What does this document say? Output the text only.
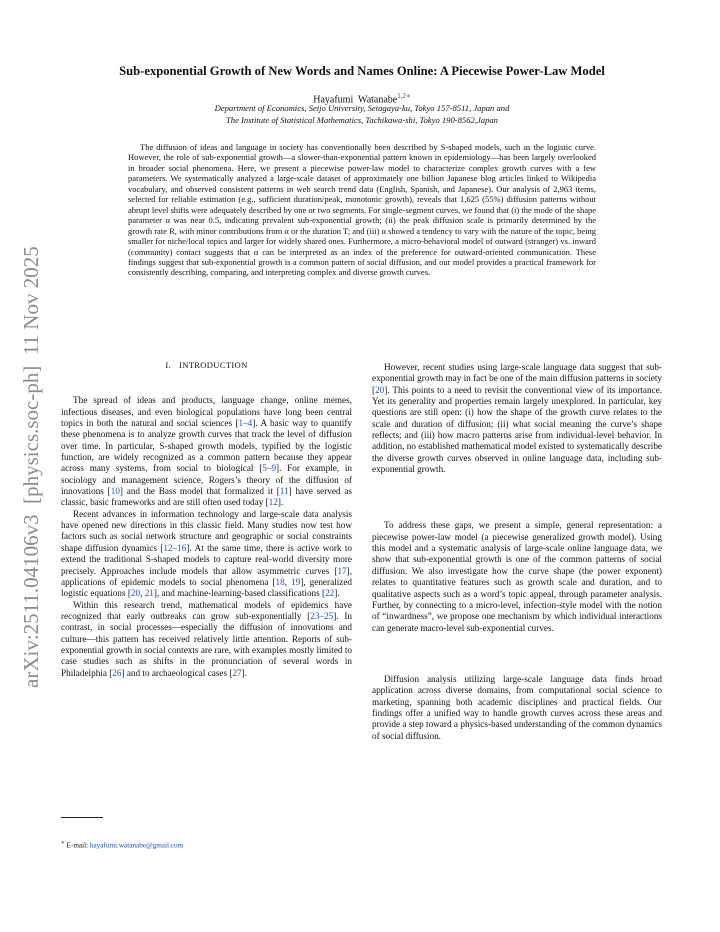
arXiv:2511.04106v3  [physics.soc-ph]  11 Nov 2025
Sub-exponential Growth of New Words and Names Online: A Piecewise Power-Law Model
Hayafumi  Watanabe$^{1,2∗}$
Department of Economics, Seijo University, Setagaya-ku, Tokyo 157-8511, Japan and
The Institute of Statistical Mathematics, Tachikawa-shi, Tokyo 190-8562,Japan

The diffusion of ideas and language in society has conventionally been described by S-shaped models, such as the logistic curve. However, the role of sub-exponential growth—a slower-than-exponential pattern known in epidemiology—has been largely overlooked in broader social phenomena. Here, we present a piecewise power-law model to characterize complex growth curves with a few parameters. We systematically analyzed a large-scale dataset of approximately one billion Japanese blog articles linked to Wikipedia vocabulary, and observed consistent patterns in web search trend data (English, Spanish, and Japanese). Our analysis of 2,963 items, selected for reliable estimation (e.g., sufficient duration/peak, monotonic growth), reveals that 1,625 (55%) diffusion patterns without abrupt level shifts were adequately described by one or two segments. For single-segment curves, we found that (i) the mode of the shape parameter α was near 0.5, indicating prevalent sub-exponential growth; (ii) the peak diffusion scale is primarily determined by the growth rate R, with minor contributions from α or the duration T; and (iii) α showed a tendency to vary with the nature of the topic, being smaller for niche/local topics and larger for widely shared ones. Furthermore, a micro-behavioral model of outward (stranger) vs. inward (community) contact suggests that α can be interpreted as an index of the preference for outward-oriented communication. These findings suggest that sub-exponential growth is a common pattern of social diffusion, and our model provides a practical framework for consistently describing, comparing, and interpreting complex and diverse growth curves.

I. INTRODUCTION

The spread of ideas and products, language change, online memes, infectious diseases, and even biological populations have long been central topics in both the natural and social sciences [1–4]. A basic way to quantify these phenomena is to analyze growth curves that track the level of diffusion over time. In particular, S-shaped growth models, typified by the logistic function, are widely recognized as a common pattern because they appear across many systems, from social to biological [5–9]. For example, in sociology and management science, Rogers’s theory of the diffusion of innovations [10] and the Bass model that formalized it [11] have served as classic, basic frameworks and are still often used today [12].

Recent advances in information technology and large-scale data analysis have opened new directions in this classic field. Many studies now test how factors such as social network structure and geographic or social constraints shape diffusion dynamics [12–16]. At the same time, there is active work to extend the traditional S-shaped models to capture real-world diversity more precisely. Approaches include models that allow asymmetric curves [17], applications of epidemic models to social phenomena [18, 19], generalized logistic equations [20, 21], and machine-learning-based classifications [22].

Within this research trend, mathematical models of epidemics have recognized that early outbreaks can grow sub-exponentially [23–25]. In contrast, in social processes—especially the diffusion of innovations and culture—this pattern has received relatively little attention. Reports of sub-exponential growth in social contexts are rare, with examples mostly limited to case studies such as shifts in the pronunciation of several words in Philadelphia [26] and to archaeological cases [27].

However, recent studies using large-scale language data suggest that sub-exponential growth may in fact be one of the main diffusion patterns in society [20]. This points to a need to revisit the conventional view of its importance. Yet its generality and properties remain largely unexplored. In particular, key questions are still open: (i) how the shape of the growth curve relates to the scale and duration of diffusion; (ii) what social meaning the curve’s shape reflects; and (iii) how macro patterns arise from individual-level behavior. In addition, no established mathematical model existed to systematically describe the diverse growth curves observed in online language data, including sub-exponential growth.

To address these gaps, we present a simple, general representation: a piecewise power-law model (a piecewise generalized growth model). Using this model and a systematic analysis of large-scale online language data, we show that sub-exponential growth is one of the common patterns of social diffusion. We also investigate how the curve shape (the power exponent) relates to quantitative features such as growth scale and duration, and to qualitative aspects such as a word’s topic appeal, through parameter analysis. Further, by connecting to a micro-level, infection-style model with the notion of “inwardness”, we propose one mechanism by which individual interactions can generate macro-level sub-exponential curves.

Diffusion analysis utilizing large-scale language data finds broad application across diverse domains, from computational social science to marketing, spanning both academic disciplines and practical fields. Our findings offer a unified way to handle growth curves across these areas and provide a step toward a physics-based understanding of the common dynamics of social diffusion.

∗ E-mail: hayafumi.watanabe@gmail.com
